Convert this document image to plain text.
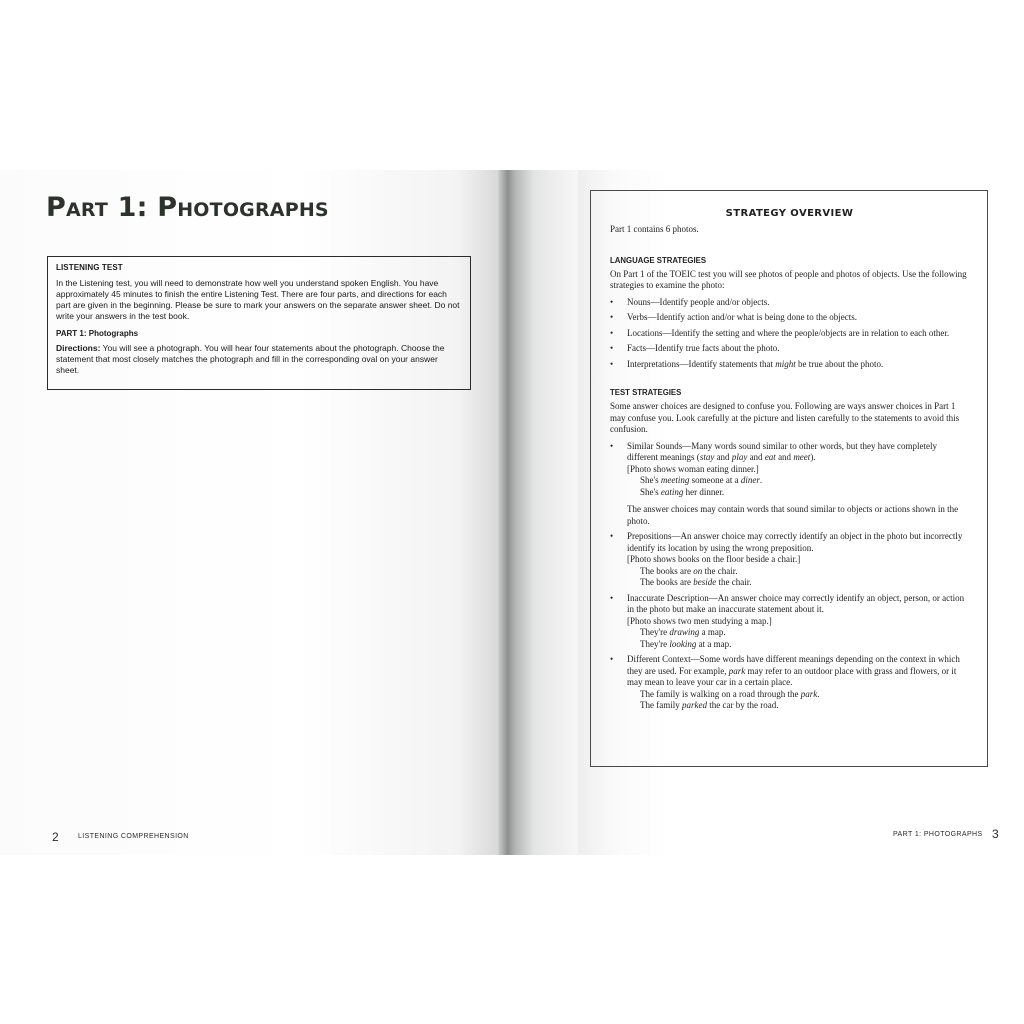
Part 1: Photographs

LISTENING TEST

In the Listening test, you will need to demonstrate how well you understand spoken English. You have approximately 45 minutes to finish the entire Listening Test. There are four parts, and directions for each part are given in the beginning. Please be sure to mark your answers on the separate answer sheet. Do not write your answers in the test book.

PART 1: Photographs

Directions: You will see a photograph. You will hear four statements about the photograph. Choose the statement that most closely matches the photograph and fill in the corresponding oval on your answer sheet.

2	LISTENING COMPREHENSION
STRATEGY OVERVIEW

Part 1 contains 6 photos.

LANGUAGE STRATEGIES

On Part 1 of the TOEIC test you will see photos of people and photos of objects. Use the following strategies to examine the photo:

• Nouns—Identify people and/or objects.
• Verbs—Identify action and/or what is being done to the objects.
• Locations—Identify the setting and where the people/objects are in relation to each other.
• Facts—Identify true facts about the photo.
• Interpretations—Identify statements that might be true about the photo.
TEST STRATEGIES

Some answer choices are designed to confuse you. Following are ways answer choices in Part 1 may confuse you. Look carefully at the picture and listen carefully to the statements to avoid this confusion.

• Similar Sounds—Many words sound similar to other words, but they have completely different meanings (stay and play and eat and meet).
[Photo shows woman eating dinner.]
She's meeting someone at a diner.
She's eating her dinner.
The answer choices may contain words that sound similar to objects or actions shown in the photo.
• Prepositions—An answer choice may correctly identify an object in the photo but incorrectly identify its location by using the wrong preposition.
[Photo shows books on the floor beside a chair.]
The books are on the chair.
The books are beside the chair.
• Inaccurate Description—An answer choice may correctly identify an object, person, or action in the photo but make an inaccurate statement about it.
[Photo shows two men studying a map.]
They're drawing a map.
They're looking at a map.
• Different Context—Some words have different meanings depending on the context in which they are used. For example, park may refer to an outdoor place with grass and flowers, or it may mean to leave your car in a certain place.
The family is walking on a road through the park.
The family parked the car by the road.
PART 1: PHOTOGRAPHS 3
